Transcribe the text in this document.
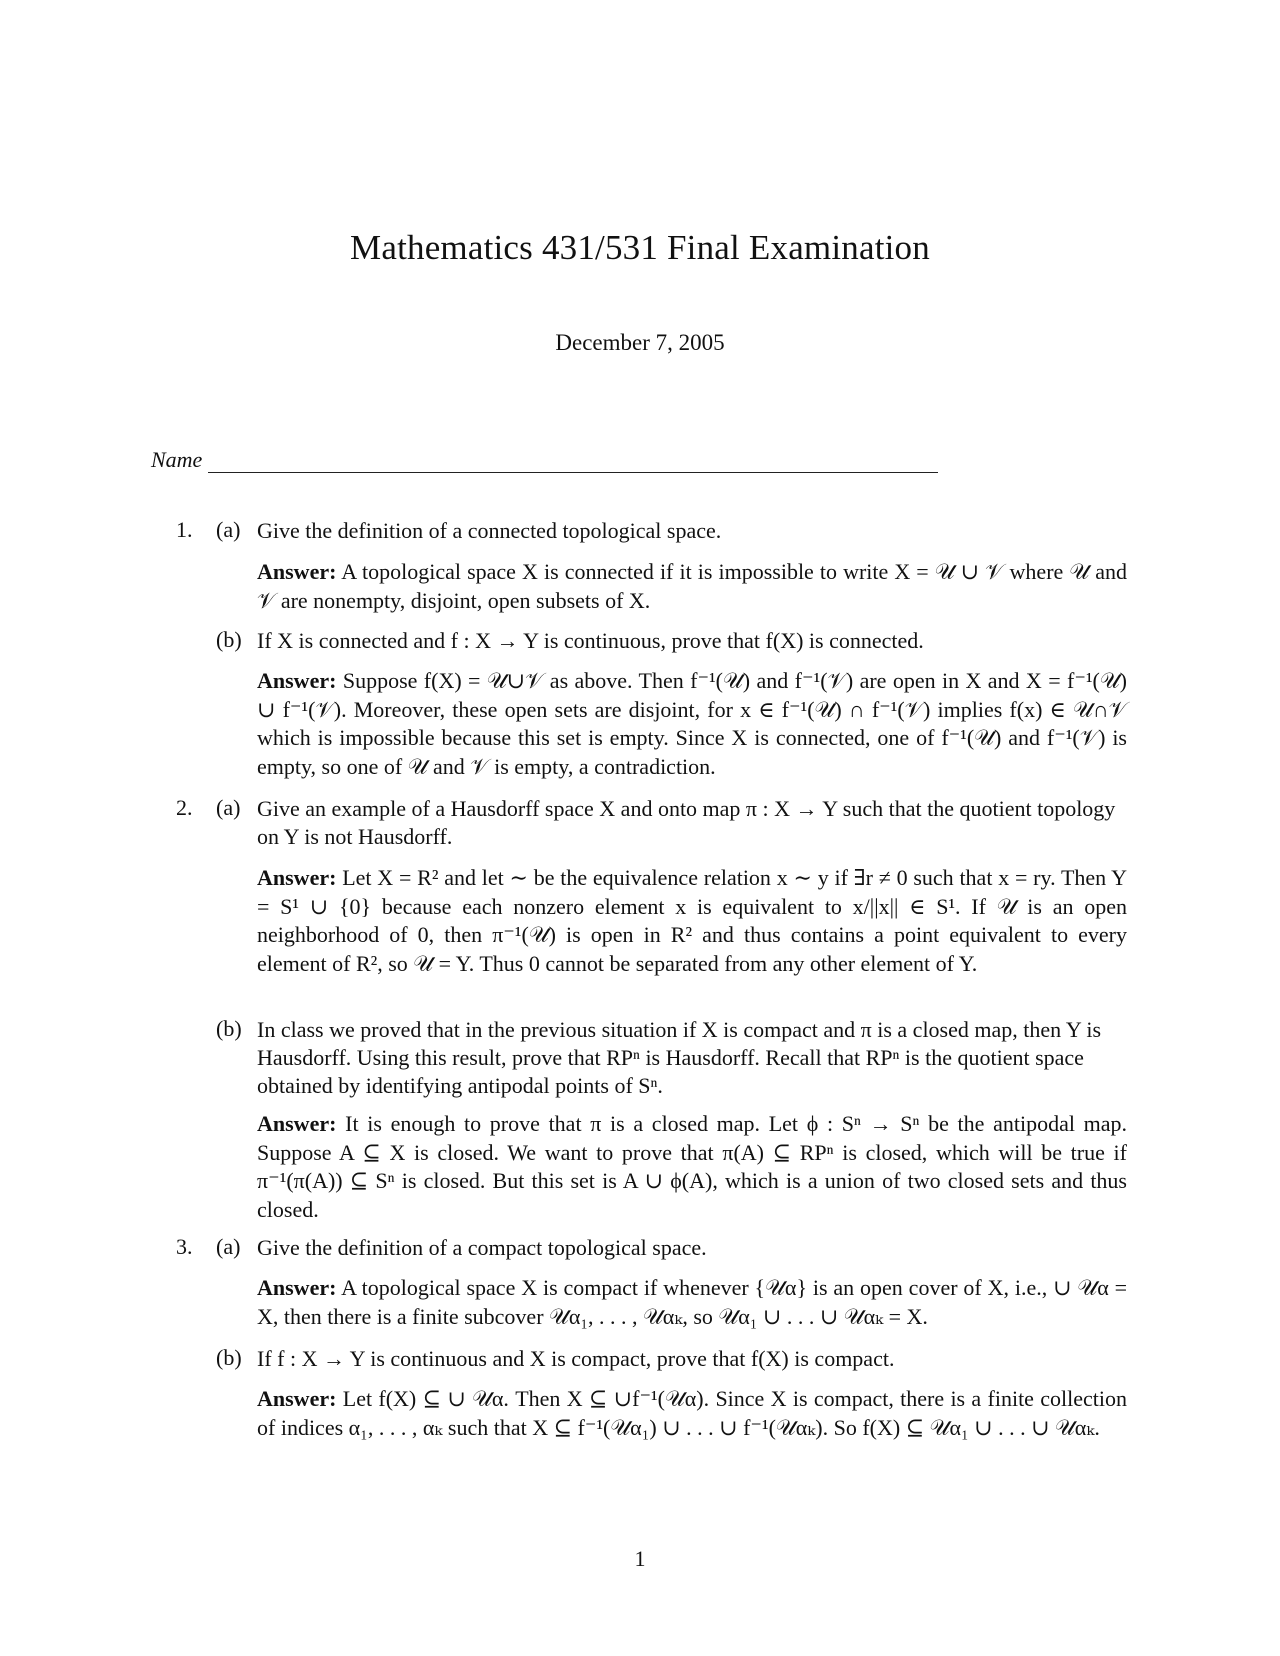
Mathematics 431/531 Final Examination
December 7, 2005
Name
1. (a) Give the definition of a connected topological space.
Answer: A topological space X is connected if it is impossible to write X = 𝒰 ∪ 𝒱 where 𝒰 and 𝒱 are nonempty, disjoint, open subsets of X.
(b) If X is connected and f : X → Y is continuous, prove that f(X) is connected.
Answer: Suppose f(X) = 𝒰∪𝒱 as above. Then f⁻¹(𝒰) and f⁻¹(𝒱) are open in X and X = f⁻¹(𝒰) ∪ f⁻¹(𝒱). Moreover, these open sets are disjoint, for x ∈ f⁻¹(𝒰) ∩ f⁻¹(𝒱) implies f(x) ∈ 𝒰∩𝒱 which is impossible because this set is empty. Since X is connected, one of f⁻¹(𝒰) and f⁻¹(𝒱) is empty, so one of 𝒰 and 𝒱 is empty, a contradiction.
2. (a) Give an example of a Hausdorff space X and onto map π : X → Y such that the quotient topology on Y is not Hausdorff.
Answer: Let X = R² and let ∼ be the equivalence relation x ∼ y if ∃r ≠ 0 such that x = ry. Then Y = S¹ ∪ {0} because each nonzero element x is equivalent to x/||x|| ∈ S¹. If 𝒰 is an open neighborhood of 0, then π⁻¹(𝒰) is open in R² and thus contains a point equivalent to every element of R², so 𝒰 = Y. Thus 0 cannot be separated from any other element of Y.
(b) In class we proved that in the previous situation if X is compact and π is a closed map, then Y is Hausdorff. Using this result, prove that RPⁿ is Hausdorff. Recall that RPⁿ is the quotient space obtained by identifying antipodal points of Sⁿ.
Answer: It is enough to prove that π is a closed map. Let ϕ : Sⁿ → Sⁿ be the antipodal map. Suppose A ⊆ X is closed. We want to prove that π(A) ⊆ RPⁿ is closed, which will be true if π⁻¹(π(A)) ⊆ Sⁿ is closed. But this set is A ∪ ϕ(A), which is a union of two closed sets and thus closed.
3. (a) Give the definition of a compact topological space.
Answer: A topological space X is compact if whenever {𝒰α} is an open cover of X, i.e., ∪ 𝒰α = X, then there is a finite subcover 𝒰α₁, . . . , 𝒰αₖ, so 𝒰α₁ ∪ . . . ∪ 𝒰αₖ = X.
(b) If f : X → Y is continuous and X is compact, prove that f(X) is compact.
Answer: Let f(X) ⊆ ∪ 𝒰α. Then X ⊆ ∪f⁻¹(𝒰α). Since X is compact, there is a finite collection of indices α₁, . . . , αₖ such that X ⊆ f⁻¹(𝒰α₁) ∪ . . . ∪ f⁻¹(𝒰αₖ). So f(X) ⊆ 𝒰α₁ ∪ . . . ∪ 𝒰αₖ.
1
